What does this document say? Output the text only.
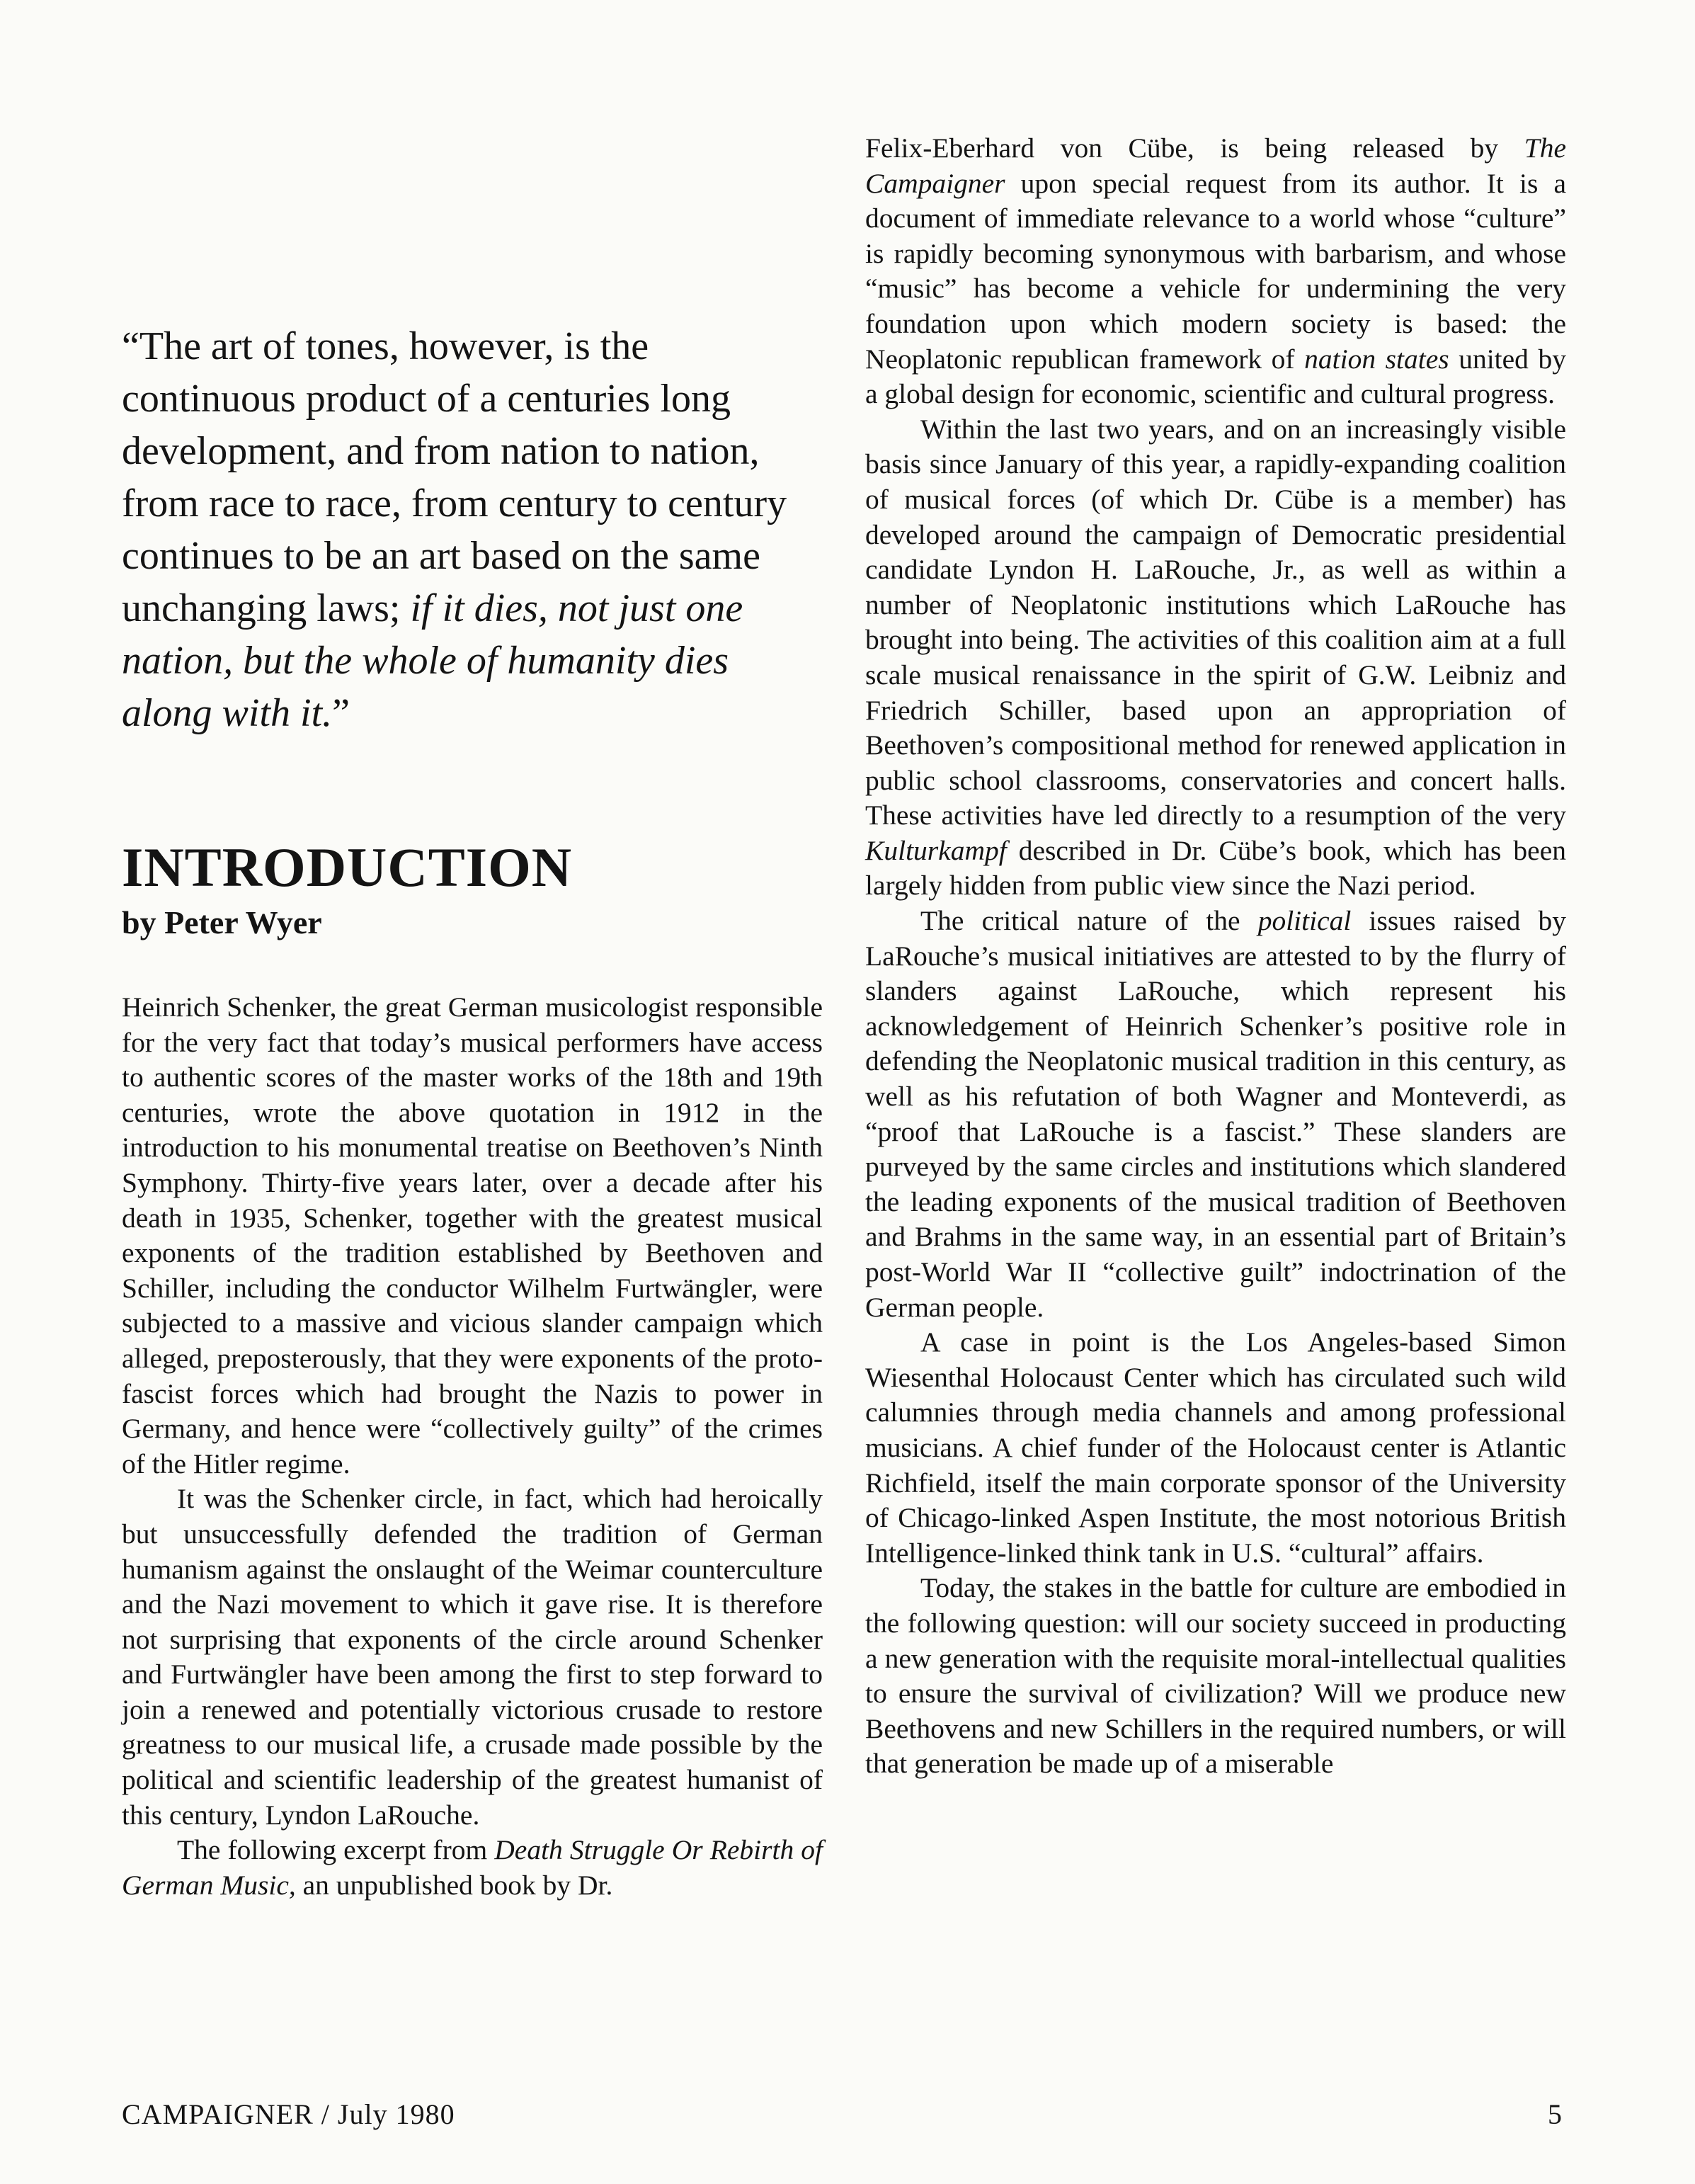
“The art of tones, however, is the continuous product of a centuries long development, and from nation to nation, from race to race, from century to century continues to be an art based on the same unchanging laws; if it dies, not just one nation, but the whole of humanity dies along with it.”

INTRODUCTION

by Peter Wyer

Heinrich Schenker, the great German musicologist responsible for the very fact that today’s musical performers have access to authentic scores of the master works of the 18th and 19th centuries, wrote the above quotation in 1912 in the introduction to his monumental treatise on Beethoven’s Ninth Symphony. Thirty-five years later, over a decade after his death in 1935, Schenker, together with the greatest musical exponents of the tradition established by Beethoven and Schiller, including the conductor Wilhelm Furtwängler, were subjected to a massive and vicious slander campaign which alleged, preposterously, that they were exponents of the proto-fascist forces which had brought the Nazis to power in Germany, and hence were “collectively guilty” of the crimes of the Hitler regime.

It was the Schenker circle, in fact, which had heroically but unsuccessfully defended the tradition of German humanism against the onslaught of the Weimar counterculture and the Nazi movement to which it gave rise. It is therefore not surprising that exponents of the circle around Schenker and Furtwängler have been among the first to step forward to join a renewed and potentially victorious crusade to restore greatness to our musical life, a crusade made possible by the political and scientific leadership of the greatest humanist of this century, Lyndon LaRouche.

The following excerpt from Death Struggle Or Rebirth of German Music, an unpublished book by Dr.

Felix-Eberhard von Cübe, is being released by The Campaigner upon special request from its author. It is a document of immediate relevance to a world whose “culture” is rapidly becoming synonymous with barbarism, and whose “music” has become a vehicle for undermining the very foundation upon which modern society is based: the Neoplatonic republican framework of nation states united by a global design for economic, scientific and cultural progress.

Within the last two years, and on an increasingly visible basis since January of this year, a rapidly-expanding coalition of musical forces (of which Dr. Cübe is a member) has developed around the campaign of Democratic presidential candidate Lyndon H. LaRouche, Jr., as well as within a number of Neoplatonic institutions which LaRouche has brought into being. The activities of this coalition aim at a full scale musical renaissance in the spirit of G.W. Leibniz and Friedrich Schiller, based upon an appropriation of Beethoven’s compositional method for renewed application in public school classrooms, conservatories and concert halls. These activities have led directly to a resumption of the very Kulturkampf described in Dr. Cübe’s book, which has been largely hidden from public view since the Nazi period.

The critical nature of the political issues raised by LaRouche’s musical initiatives are attested to by the flurry of slanders against LaRouche, which represent his acknowledgement of Heinrich Schenker’s positive role in defending the Neoplatonic musical tradition in this century, as well as his refutation of both Wagner and Monteverdi, as “proof that LaRouche is a fascist.” These slanders are purveyed by the same circles and institutions which slandered the leading exponents of the musical tradition of Beethoven and Brahms in the same way, in an essential part of Britain’s post-World War II “collective guilt” indoctrination of the German people.

A case in point is the Los Angeles-based Simon Wiesenthal Holocaust Center which has circulated such wild calumnies through media channels and among professional musicians. A chief funder of the Holocaust center is Atlantic Richfield, itself the main corporate sponsor of the University of Chicago-linked Aspen Institute, the most notorious British Intelligence-linked think tank in U.S. “cultural” affairs.

Today, the stakes in the battle for culture are embodied in the following question: will our society succeed in producting a new generation with the requisite moral-intellectual qualities to ensure the survival of civilization? Will we produce new Beethovens and new Schillers in the required numbers, or will that generation be made up of a miserable

CAMPAIGNER / July 1980	5
